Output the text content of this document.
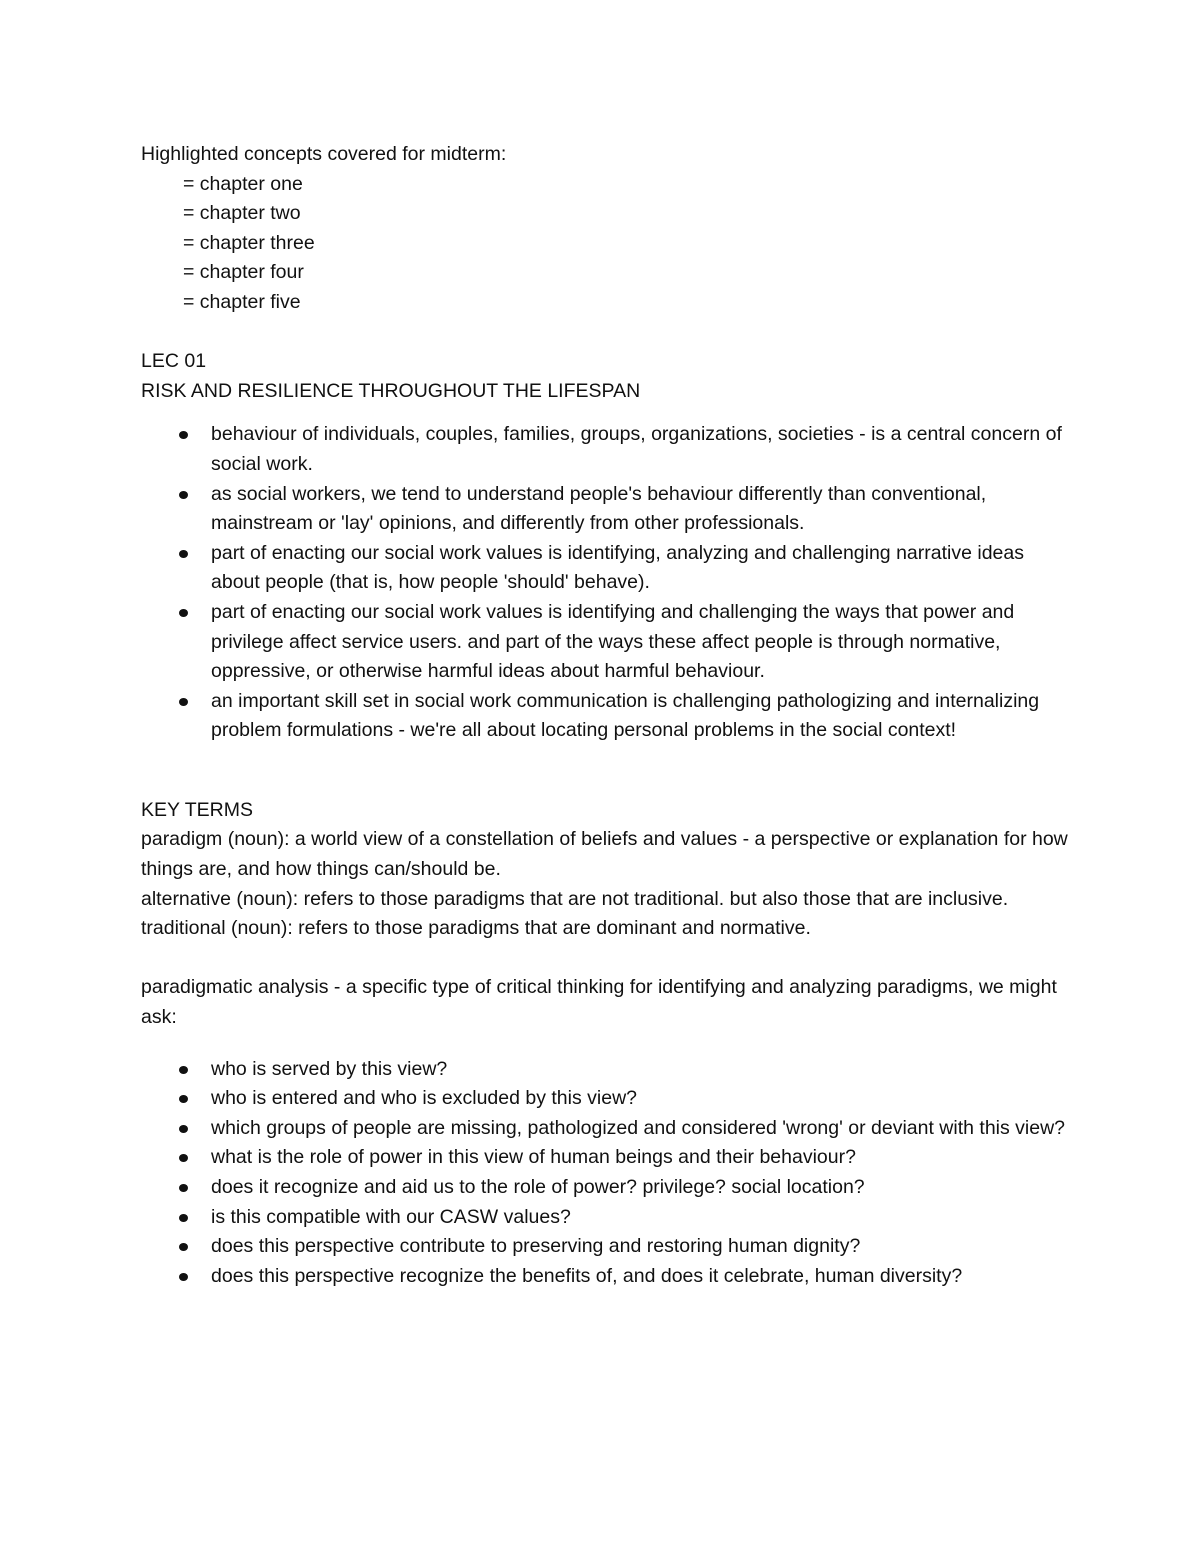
Highlighted concepts covered for midterm:
= chapter one
= chapter two
= chapter three
= chapter four
= chapter five
LEC 01
RISK AND RESILIENCE THROUGHOUT THE LIFESPAN
behaviour of individuals, couples, families, groups, organizations, societies - is a central concern of social work.
as social workers, we tend to understand people's behaviour differently than conventional, mainstream or 'lay' opinions, and differently from other professionals.
part of enacting our social work values is identifying, analyzing and challenging narrative ideas about people (that is, how people 'should' behave).
part of enacting our social work values is identifying and challenging the ways that power and privilege affect service users. and part of the ways these affect people is through normative, oppressive, or otherwise harmful ideas about harmful behaviour.
an important skill set in social work communication is challenging pathologizing and internalizing problem formulations - we're all about locating personal problems in the social context!
KEY TERMS
paradigm (noun): a world view of a constellation of beliefs and values - a perspective or explanation for how things are, and how things can/should be.
alternative (noun): refers to those paradigms that are not traditional. but also those that are inclusive.
traditional (noun): refers to those paradigms that are dominant and normative.
paradigmatic analysis - a specific type of critical thinking for identifying and analyzing paradigms, we might ask:
who is served by this view?
who is entered and who is excluded by this view?
which groups of people are missing, pathologized and considered 'wrong' or deviant with this view?
what is the role of power in this view of human beings and their behaviour?
does it recognize and aid us to the role of power? privilege? social location?
is this compatible with our CASW values?
does this perspective contribute to preserving and restoring human dignity?
does this perspective recognize the benefits of, and does it celebrate, human diversity?
